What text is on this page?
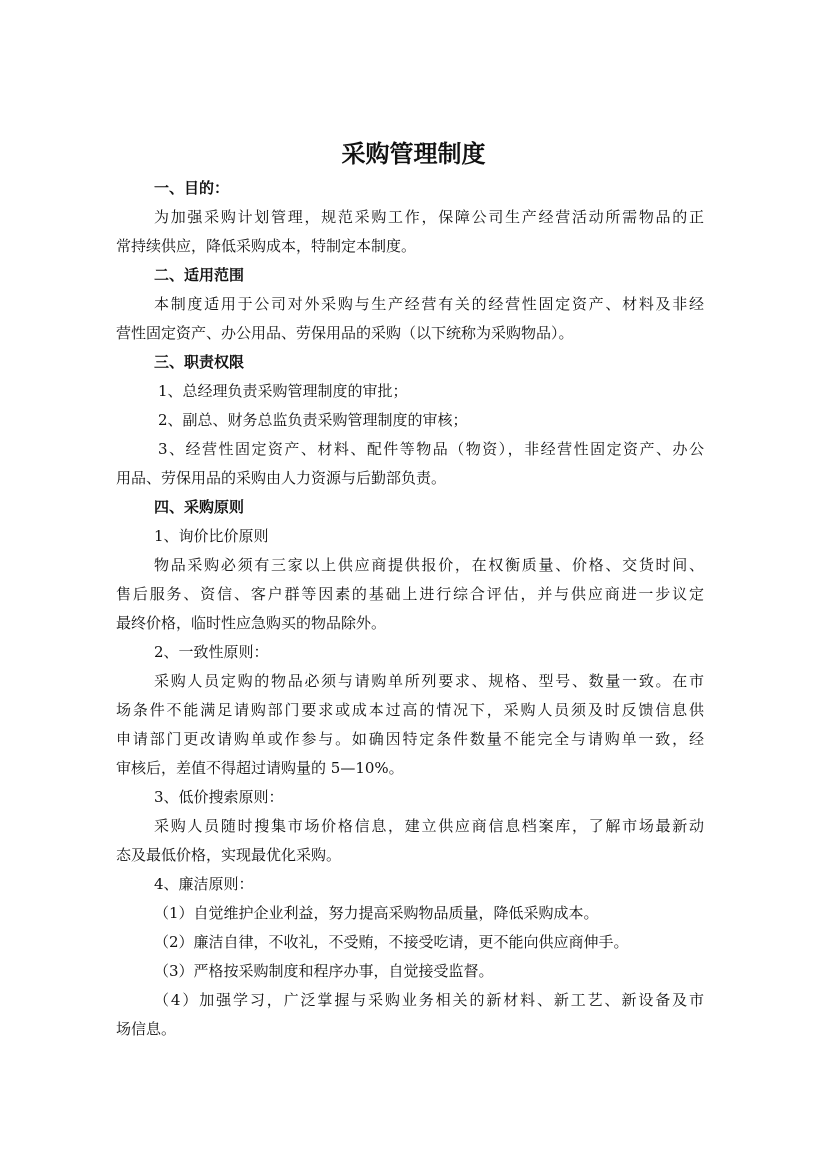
采购管理制度

一、目的：

为加强采购计划管理，规范采购工作，保障公司生产经营活动所需物品的正

常持续供应，降低采购成本，特制定本制度。

二、适用范围

本制度适用于公司对外采购与生产经营有关的经营性固定资产、材料及非经

营性固定资产、办公用品、劳保用品的采购（以下统称为采购物品）。

三、职责权限

1、总经理负责采购管理制度的审批；

2、副总、财务总监负责采购管理制度的审核；

3、经营性固定资产、材料、配件等物品（物资），非经营性固定资产、办公

用品、劳保用品的采购由人力资源与后勤部负责。

四、采购原则

1、询价比价原则

物品采购必须有三家以上供应商提供报价，在权衡质量、价格、交货时间、

售后服务、资信、客户群等因素的基础上进行综合评估，并与供应商进一步议定

最终价格，临时性应急购买的物品除外。

2、一致性原则：

采购人员定购的物品必须与请购单所列要求、规格、型号、数量一致。在市

场条件不能满足请购部门要求或成本过高的情况下，采购人员须及时反馈信息供

申请部门更改请购单或作参与。如确因特定条件数量不能完全与请购单一致，经

审核后，差值不得超过请购量的 5—10%。

3、低价搜索原则：

采购人员随时搜集市场价格信息，建立供应商信息档案库，了解市场最新动

态及最低价格，实现最优化采购。

4、廉洁原则：

（1）自觉维护企业利益，努力提高采购物品质量，降低采购成本。

（2）廉洁自律，不收礼，不受贿，不接受吃请，更不能向供应商伸手。

（3）严格按采购制度和程序办事，自觉接受监督。

（4）加强学习，广泛掌握与采购业务相关的新材料、新工艺、新设备及市

场信息。
